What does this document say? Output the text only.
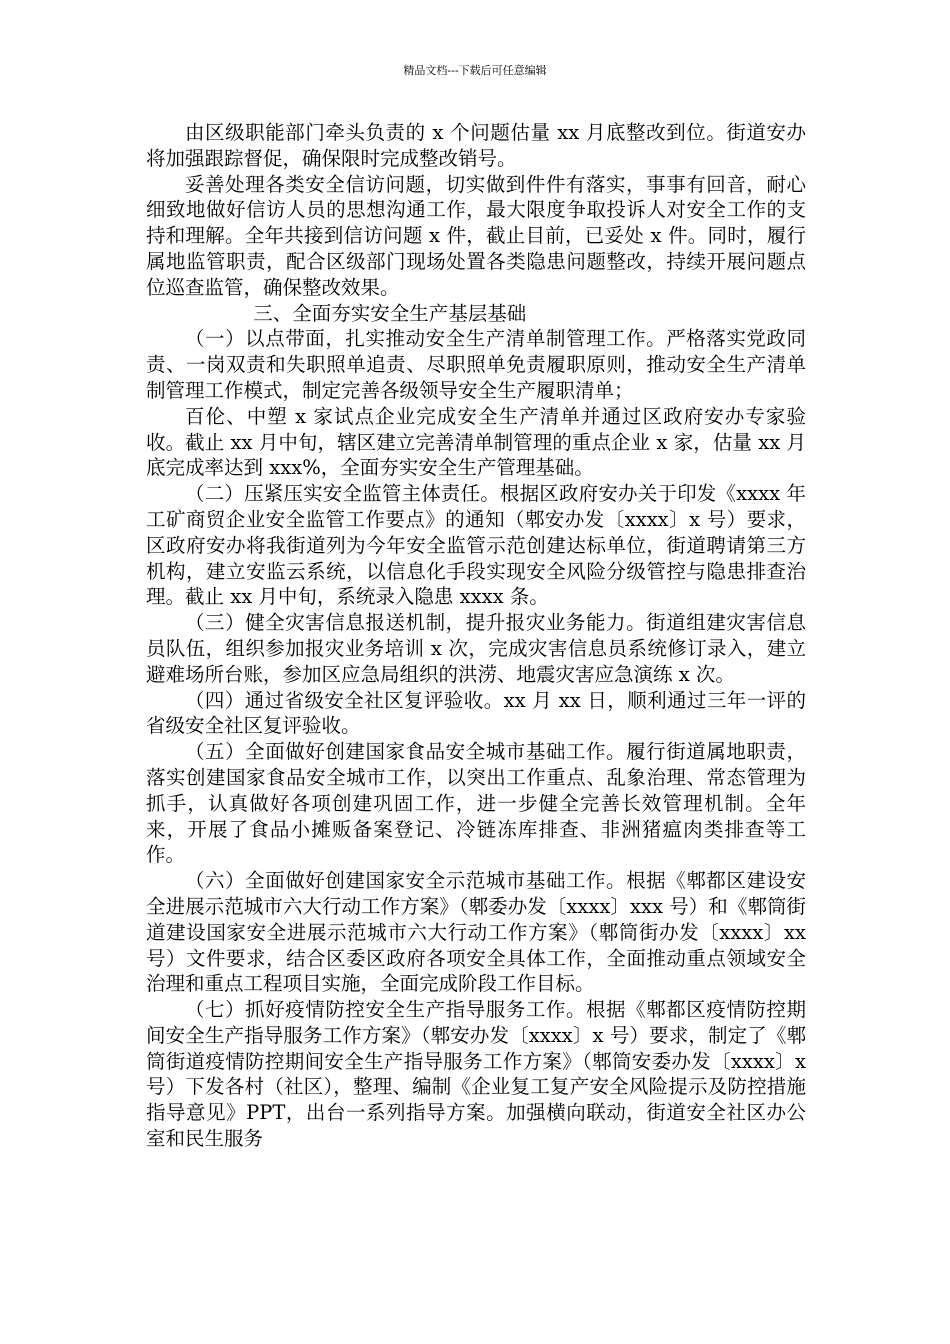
精品文档---下载后可任意编辑

由区级职能部门牵头负责的 x 个问题估量 xx 月底整改到位。街道安办将加强跟踪督促，确保限时完成整改销号。

妥善处理各类安全信访问题，切实做到件件有落实，事事有回音，耐心细致地做好信访人员的思想沟通工作，最大限度争取投诉人对安全工作的支持和理解。全年共接到信访问题 x 件，截止目前，已妥处 x 件。同时，履行属地监管职责，配合区级部门现场处置各类隐患问题整改，持续开展问题点位巡查监管，确保整改效果。

三、全面夯实安全生产基层基础

（一）以点带面，扎实推动安全生产清单制管理工作。严格落实党政同责、一岗双责和失职照单追责、尽职照单免责履职原则，推动安全生产清单制管理工作模式，制定完善各级领导安全生产履职清单；

百伦、中塑 x 家试点企业完成安全生产清单并通过区政府安办专家验收。截止 xx 月中旬，辖区建立完善清单制管理的重点企业 x 家，估量 xx 月底完成率达到 xxx%，全面夯实安全生产管理基础。

（二）压紧压实安全监管主体责任。根据区政府安办关于印发《xxxx 年工矿商贸企业安全监管工作要点》的通知（郫安办发〔xxxx〕x 号）要求，区政府安办将我街道列为今年安全监管示范创建达标单位，街道聘请第三方机构，建立安监云系统，以信息化手段实现安全风险分级管控与隐患排查治理。截止 xx 月中旬，系统录入隐患 xxxx 条。

（三）健全灾害信息报送机制，提升报灾业务能力。街道组建灾害信息员队伍，组织参加报灾业务培训 x 次，完成灾害信息员系统修订录入，建立避难场所台账，参加区应急局组织的洪涝、地震灾害应急演练 x 次。

（四）通过省级安全社区复评验收。xx 月 xx 日，顺利通过三年一评的省级安全社区复评验收。

（五）全面做好创建国家食品安全城市基础工作。履行街道属地职责，落实创建国家食品安全城市工作，以突出工作重点、乱象治理、常态管理为抓手，认真做好各项创建巩固工作，进一步健全完善长效管理机制。全年来，开展了食品小摊贩备案登记、冷链冻库排查、非洲猪瘟肉类排查等工作。

（六）全面做好创建国家安全示范城市基础工作。根据《郫都区建设安全进展示范城市六大行动工作方案》（郫委办发〔xxxx〕xxx 号）和《郫筒街道建设国家安全进展示范城市六大行动工作方案》（郫筒街办发〔xxxx〕xx 号）文件要求，结合区委区政府各项安全具体工作，全面推动重点领域安全治理和重点工程项目实施，全面完成阶段工作目标。

（七）抓好疫情防控安全生产指导服务工作。根据《郫都区疫情防控期间安全生产指导服务工作方案》（郫安办发〔xxxx〕x 号）要求，制定了《郫筒街道疫情防控期间安全生产指导服务工作方案》（郫筒安委办发〔xxxx〕x 号）下发各村（社区），整理、编制《企业复工复产安全风险提示及防控措施指导意见》PPT，出台一系列指导方案。加强横向联动，街道安全社区办公室和民生服务
